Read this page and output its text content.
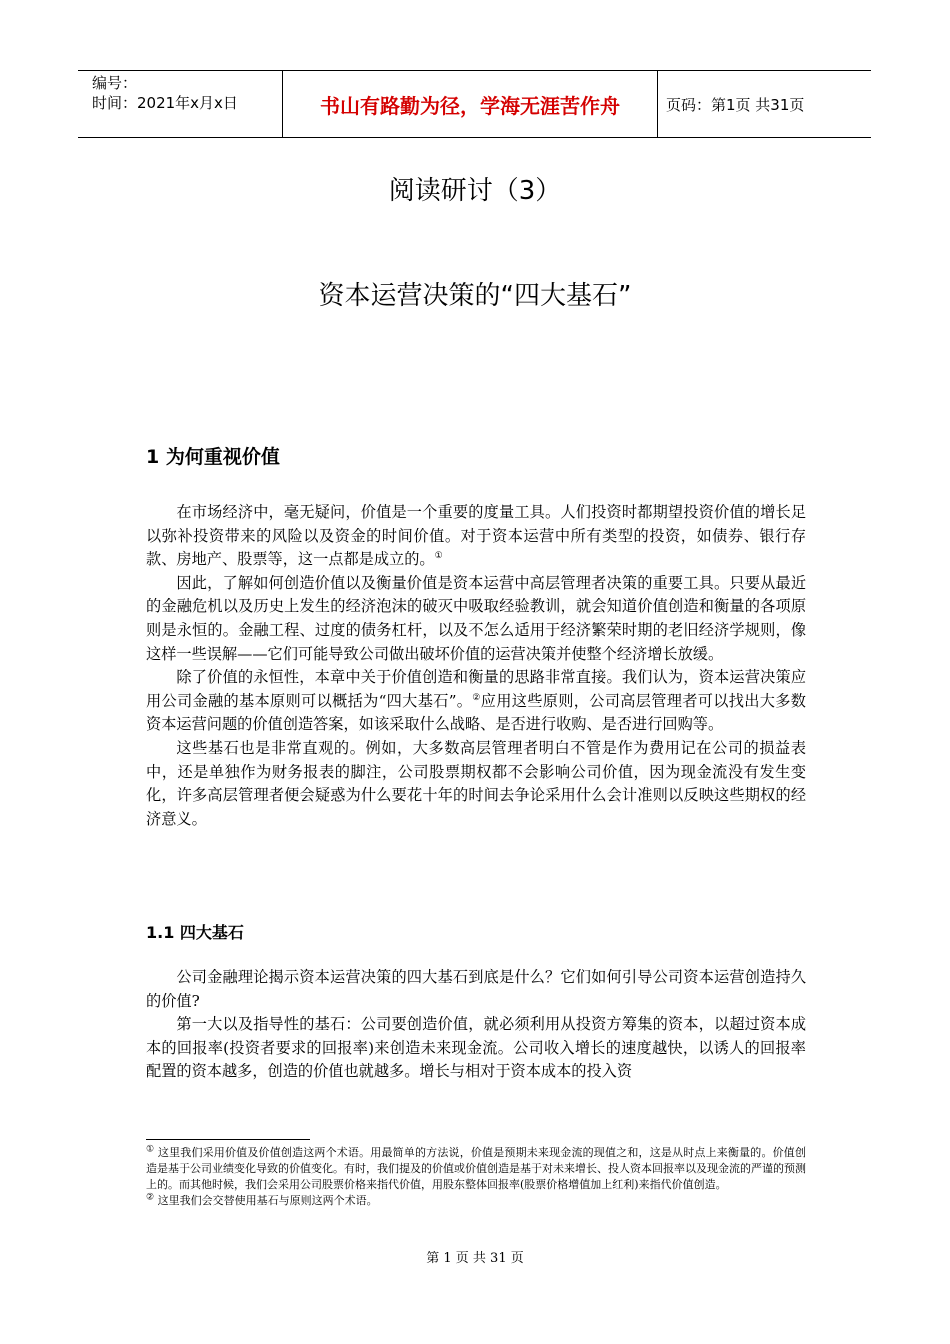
编号：
时间：2021年x月x日	书山有路勤为径，学海无涯苦作舟	页码：第1页 共31页
阅读研讨（3）
资本运营决策的“四大基石”
1 为何重视价值

在市场经济中，毫无疑问，价值是一个重要的度量工具。人们投资时都期望投资价值的增长足以弥补投资带来的风险以及资金的时间价值。对于资本运营中所有类型的投资，如债券、银行存款、房地产、股票等，这一点都是成立的。①

因此，了解如何创造价值以及衡量价值是资本运营中高层管理者决策的重要工具。只要从最近的金融危机以及历史上发生的经济泡沫的破灭中吸取经验教训，就会知道价值创造和衡量的各项原则是永恒的。金融工程、过度的债务杠杆，以及不怎么适用于经济繁荣时期的老旧经济学规则，像这样一些误解——它们可能导致公司做出破坏价值的运营决策并使整个经济增长放缓。

除了价值的永恒性，本章中关于价值创造和衡量的思路非常直接。我们认为，资本运营决策应用公司金融的基本原则可以概括为“四大基石”。②应用这些原则，公司高层管理者可以找出大多数资本运营问题的价值创造答案，如该采取什么战略、是否进行收购、是否进行回购等。

这些基石也是非常直观的。例如，大多数高层管理者明白不管是作为费用记在公司的损益表中，还是单独作为财务报表的脚注，公司股票期权都不会影响公司价值，因为现金流没有发生变化，许多高层管理者便会疑惑为什么要花十年的时间去争论采用什么会计准则以反映这些期权的经济意义。

1.1 四大基石

公司金融理论揭示资本运营决策的四大基石到底是什么？它们如何引导公司资本运营创造持久的价值?

第一大以及指导性的基石：公司要创造价值，就必须利用从投资方筹集的资本，以超过资本成本的回报率(投资者要求的回报率)来创造未来现金流。公司收入增长的速度越快，以诱人的回报率配置的资本越多，创造的价值也就越多。增长与相对于资本成本的投入资

① 这里我们采用价值及价值创造这两个术语。用最简单的方法说，价值是预期未来现金流的现值之和，这是从时点上来衡量的。价值创造是基于公司业绩变化导致的价值变化。有时，我们提及的价值或价值创造是基于对未来增长、投人资本回报率以及现金流的严谨的预测上的。而其他时候，我们会采用公司股票价格来指代价值，用股东整体回报率(股票价格增值加上红利)来指代价值创造。

② 这里我们会交替使用基石与原则这两个术语。

第 1 页 共 31 页
